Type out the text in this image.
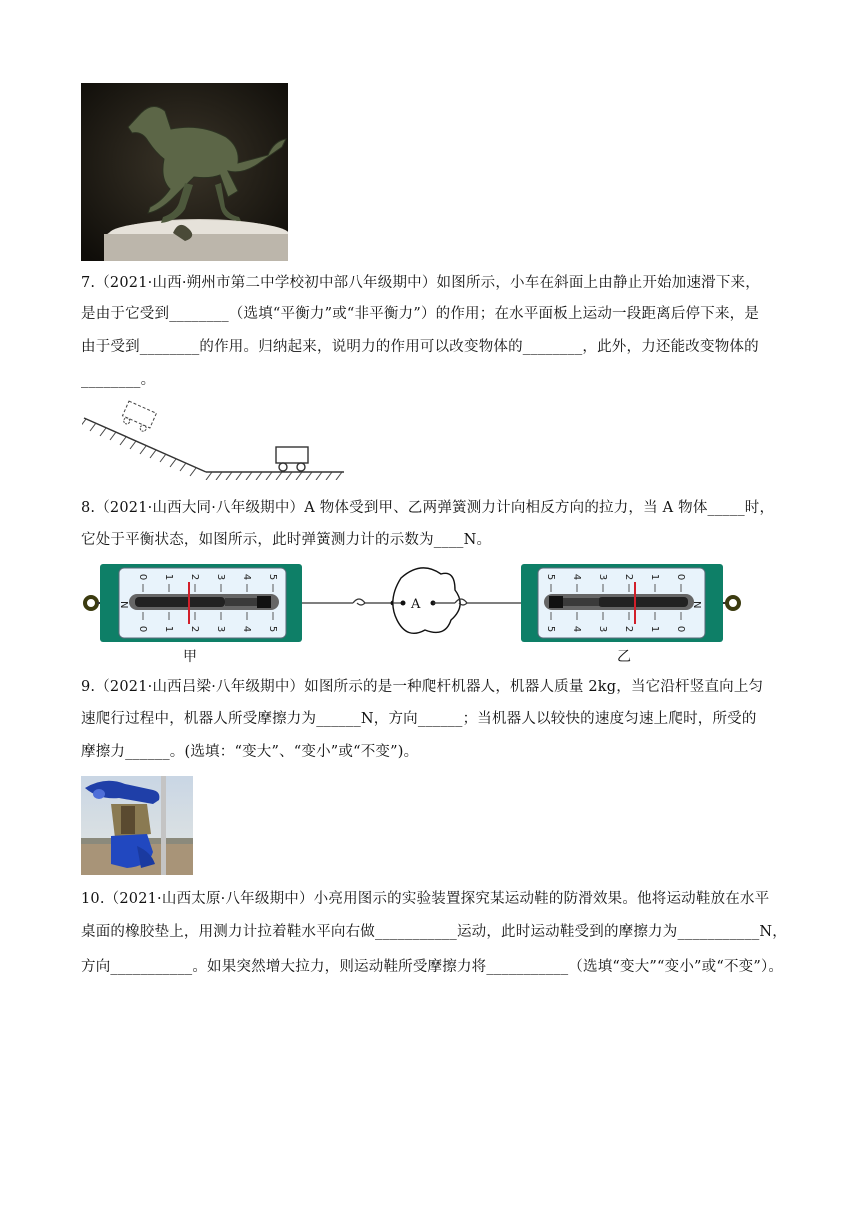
7.（2021·山西·朔州市第二中学校初中部八年级期中）如图所示，小车在斜面上由静止开始加速滑下来，
是由于它受到________（选填“平衡力”或“非平衡力”）的作用；在水平面板上运动一段距离后停下来，是
由于受到________的作用。归纳起来，说明力的作用可以改变物体的________，此外，力还能改变物体的
________。
8.（2021·山西大同·八年级期中）A 物体受到甲、乙两弹簧测力计向相反方向的拉力，当 A 物体_____时，
它处于平衡状态，如图所示，此时弹簧测力计的示数为____N。
N
0 1 2 3 4 5
0 1 2 3 4 5
A	N
5 4 3 2 1 0
5 4 3 2 1 0
甲	乙
9.（2021·山西吕梁·八年级期中）如图所示的是一种爬杆机器人，机器人质量 2kg，当它沿杆竖直向上匀
速爬行过程中，机器人所受摩擦力为______N，方向______；当机器人以较快的速度匀速上爬时，所受的
摩擦力______。(选填：“变大”、“变小”或“不变”)。
10.（2021·山西太原·八年级期中）小亮用图示的实验装置探究某运动鞋的防滑效果。他将运动鞋放在水平
桌面的橡胶垫上，用测力计拉着鞋水平向右做___________运动，此时运动鞋受到的摩擦力为___________N，
方向___________。如果突然增大拉力，则运动鞋所受摩擦力将___________（选填“变大”“变小”或“不变”）。
